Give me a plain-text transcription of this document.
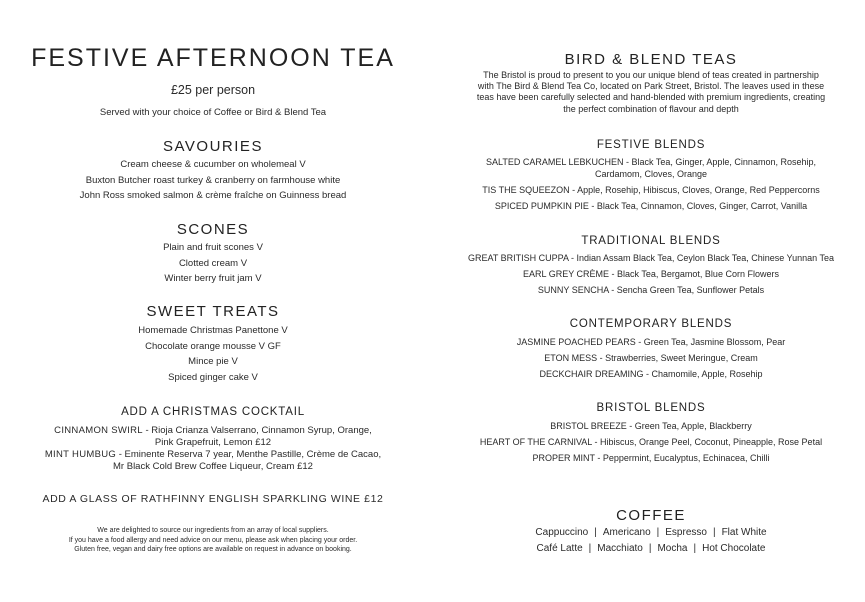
FESTIVE AFTERNOON TEA
£25 per person
Served with your choice of Coffee or Bird & Blend Tea
SAVOURIES
Cream cheese & cucumber on wholemeal V
Buxton Butcher roast turkey & cranberry on farmhouse white
John Ross smoked salmon & crème fraîche on Guinness bread
SCONES
Plain and fruit scones V
Clotted cream V
Winter berry fruit jam V
SWEET TREATS
Homemade Christmas Panettone V
Chocolate orange mousse V GF
Mince pie V
Spiced ginger cake V
ADD A CHRISTMAS COCKTAIL
CINNAMON SWIRL - Rioja Crianza Valserrano, Cinnamon Syrup, Orange,
Pink Grapefruit, Lemon £12
MINT HUMBUG - Eminente Reserva 7 year, Menthe Pastille, Crème de Cacao,
Mr Black Cold Brew Coffee Liqueur, Cream £12
ADD A GLASS OF RATHFINNY ENGLISH SPARKLING WINE £12
We are delighted to source our ingredients from an array of local suppliers.
If you have a food allergy and need advice on our menu, please ask when placing your order.
Gluten free, vegan and dairy free options are available on request in advance on booking.
BIRD & BLEND TEAS
The Bristol is proud to present to you our unique blend of teas created in partnership
with The Bird & Blend Tea Co, located on Park Street, Bristol. The leaves used in these
teas have been carefully selected and hand-blended with premium ingredients, creating
the perfect combination of flavour and depth
FESTIVE BLENDS
SALTED CARAMEL LEBKUCHEN - Black Tea, Ginger, Apple, Cinnamon, Rosehip,
Cardamom, Cloves, Orange
TIS THE SQUEEZON - Apple, Rosehip, Hibiscus, Cloves, Orange, Red Peppercorns
SPICED PUMPKIN PIE - Black Tea, Cinnamon, Cloves, Ginger, Carrot, Vanilla
TRADITIONAL BLENDS
GREAT BRITISH CUPPA - Indian Assam Black Tea, Ceylon Black Tea, Chinese Yunnan Tea
EARL GREY CRÈME - Black Tea, Bergamot, Blue Corn Flowers
SUNNY SENCHA - Sencha Green Tea, Sunflower Petals
CONTEMPORARY BLENDS
JASMINE POACHED PEARS - Green Tea, Jasmine Blossom, Pear
ETON MESS - Strawberries, Sweet Meringue, Cream
DECKCHAIR DREAMING - Chamomile, Apple, Rosehip
BRISTOL BLENDS
BRISTOL BREEZE - Green Tea, Apple, Blackberry
HEART OF THE CARNIVAL - Hibiscus, Orange Peel, Coconut, Pineapple, Rose Petal
PROPER MINT - Peppermint, Eucalyptus, Echinacea, Chilli
COFFEE
Cappuccino | Americano | Espresso | Flat White
Café Latte | Macchiato | Mocha | Hot Chocolate
